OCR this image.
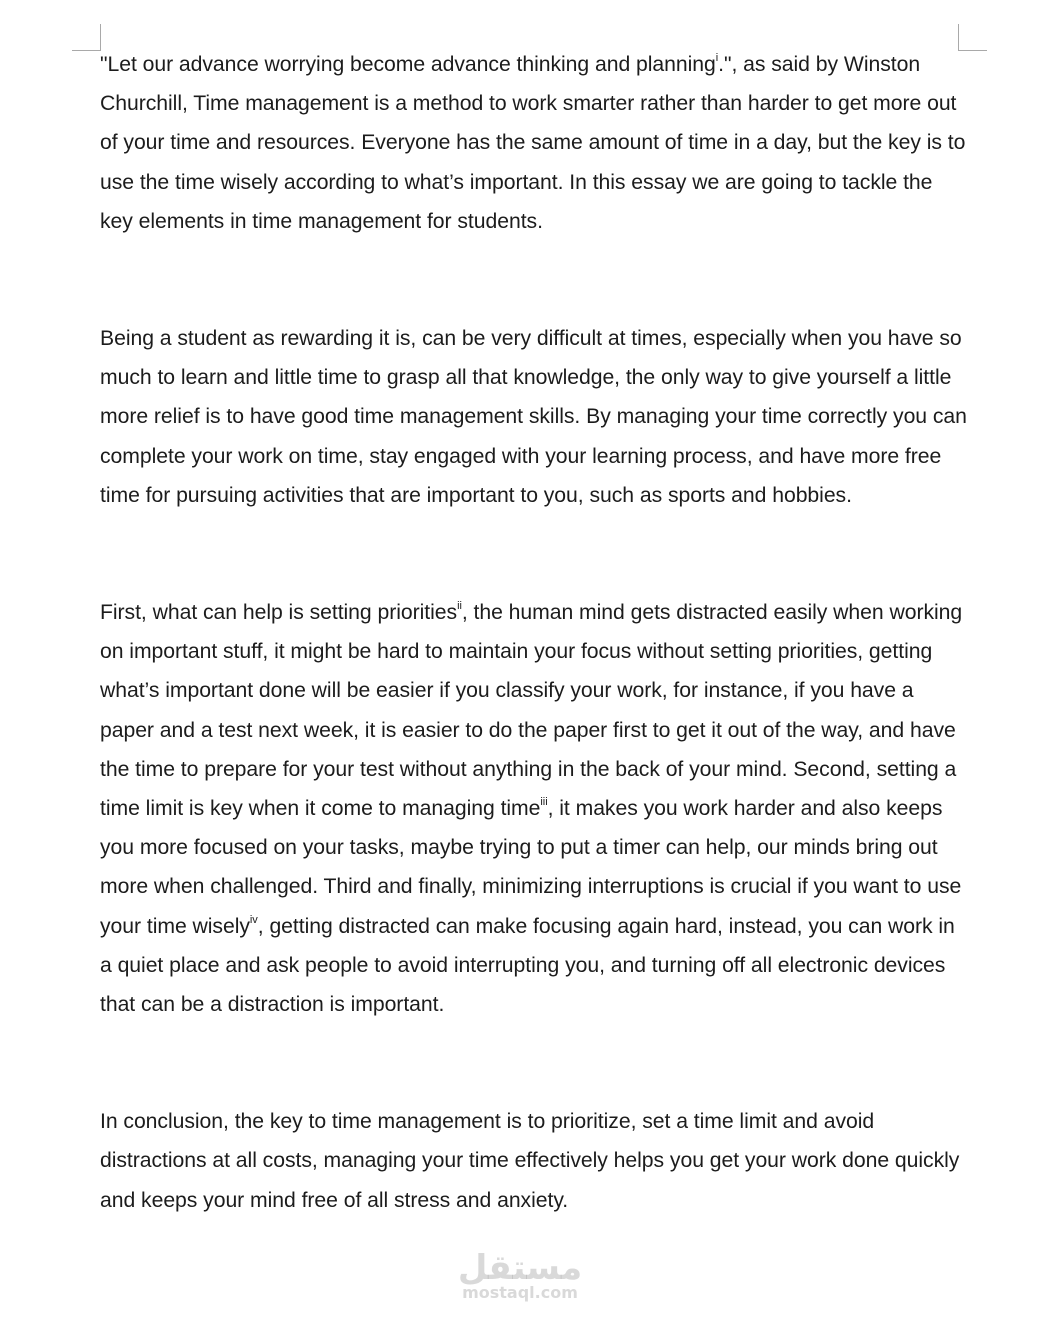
"Let our advance worrying become advance thinking and planning$^i$.", as said by Winston Churchill, Time management is a method to work smarter rather than harder to get more out of your time and resources. Everyone has the same amount of time in a day, but the key is to use the time wisely according to what’s important. In this essay we are going to tackle the key elements in time management for students.

Being a student as rewarding it is, can be very difficult at times, especially when you have so much to learn and little time to grasp all that knowledge, the only way to give yourself a little more relief is to have good time management skills. By managing your time correctly you can complete your work on time, stay engaged with your learning process, and have more free time for pursuing activities that are important to you, such as sports and hobbies.

First, what can help is setting priorities$^{ii}$, the human mind gets distracted easily when working on important stuff, it might be hard to maintain your focus without setting priorities, getting what’s important done will be easier if you classify your work, for instance, if you have a paper and a test next week, it is easier to do the paper first to get it out of the way, and have the time to prepare for your test without anything in the back of your mind. Second, setting a time limit is key when it come to managing time$^{iii}$, it makes you work harder and also keeps you more focused on your tasks, maybe trying to put a timer can help, our minds bring out more when challenged. Third and finally, minimizing interruptions is crucial if you want to use your time wisely$^{iv}$, getting distracted can make focusing again hard, instead, you can work in a quiet place and ask people to avoid interrupting you, and turning off all electronic devices that can be a distraction is important.

In conclusion, the key to time management is to prioritize, set a time limit and avoid distractions at all costs, managing your time effectively helps you get your work done quickly and keeps your mind free of all stress and anxiety.

مستقل
mostaql.com
